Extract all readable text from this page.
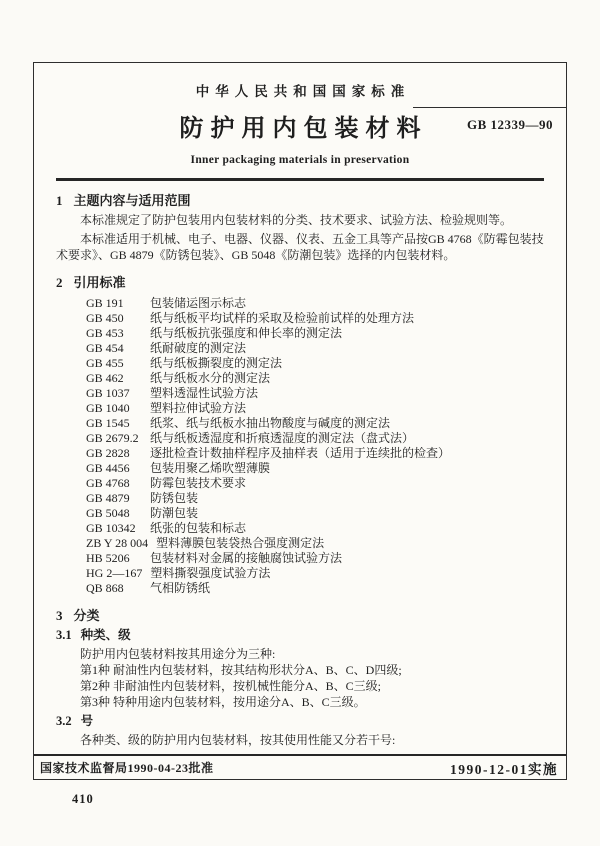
GB 12339—90
中华人民共和国国家标准
防护用内包装材料
Inner packaging materials in preservation
1 主题内容与适用范围
本标准规定了防护包装用内包装材料的分类、技术要求、试验方法、检验规则等。
本标准适用于机械、电子、电器、仪器、仪表、五金工具等产品按GB 4768《防霉包装技术要求》、GB 4879《防锈包装》、GB 5048《防潮包装》选择的内包装材料。
2 引用标准
GB 191	包装储运图示标志
GB 450	纸与纸板平均试样的采取及检验前试样的处理方法
GB 453	纸与纸板抗张强度和伸长率的测定法
GB 454	纸耐破度的测定法
GB 455	纸与纸板撕裂度的测定法
GB 462	纸与纸板水分的测定法
GB 1037	塑料透湿性试验方法
GB 1040	塑料拉伸试验方法
GB 1545	纸浆、纸与纸板水抽出物酸度与碱度的测定法
GB 2679.2 纸与纸板透湿度和折痕透湿度的测定法（盘式法）
GB 2828	逐批检查计数抽样程序及抽样表（适用于连续批的检查）
GB 4456	包装用聚乙烯吹塑薄膜
GB 4768	防霉包装技术要求
GB 4879	防锈包装
GB 5048	防潮包装
GB 10342	纸张的包装和标志
ZB Y 28 004 塑料薄膜包装袋热合强度测定法
HB 5206	包装材料对金属的接触腐蚀试验方法
HG 2—167 塑料撕裂强度试验方法
QB 868	气相防锈纸
3 分类
3.1 种类、级
防护用内包装材料按其用途分为三种:
第1种 耐油性内包装材料，按其结构形状分A、B、C、D四级;
第2种 非耐油性内包装材料，按机械性能分A、B、C三级;
第3种 特种用途内包装材料，按用途分A、B、C三级。
3.2 号
各种类、级的防护用内包装材料，按其使用性能又分若干号:
国家技术监督局1990-04-23批准	1990-12-01实施
410
